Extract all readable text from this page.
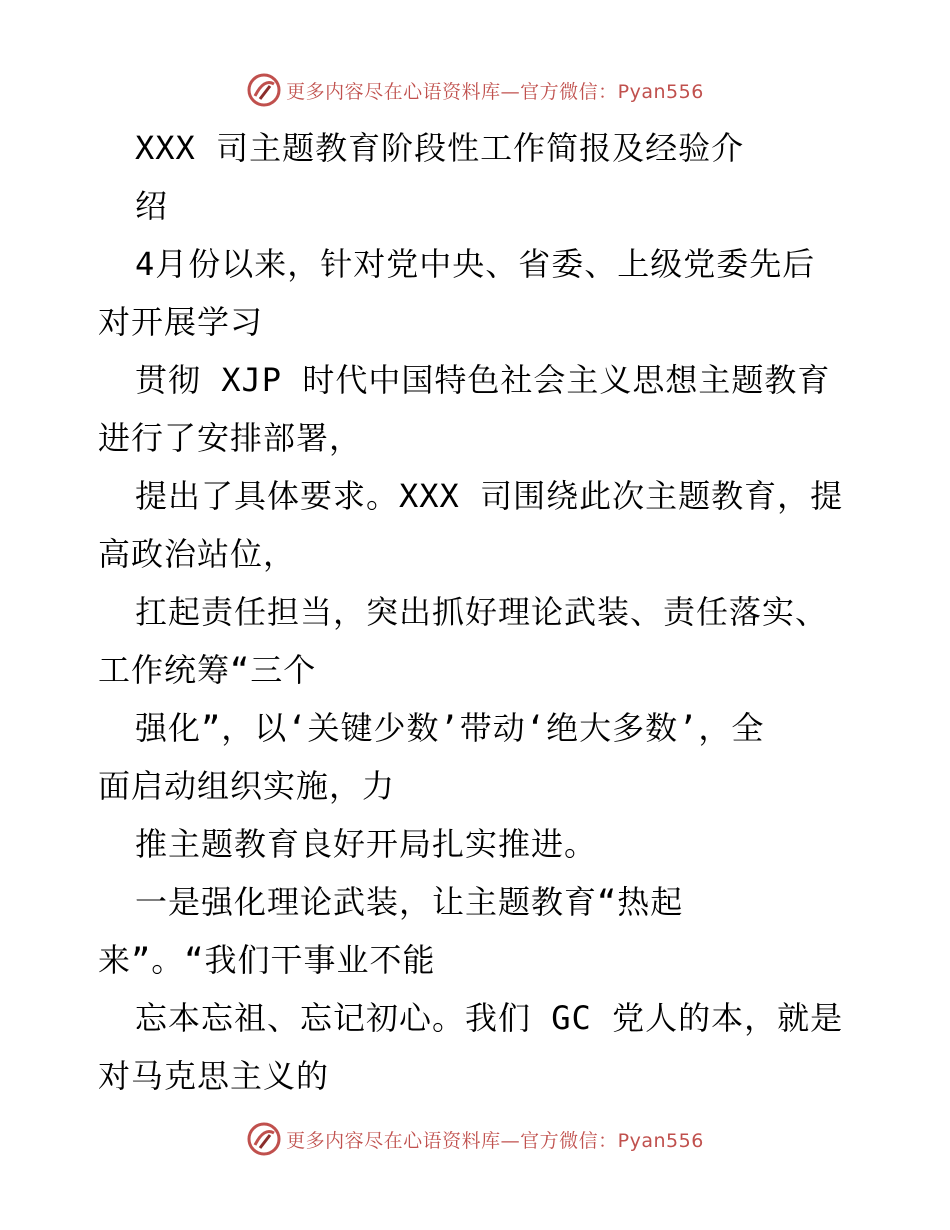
更多内容尽在心语资料库—官方微信：Pyan556
XXX 司主题教育阶段性工作简报及经验介
绍
4月份以来，针对党中央、省委、上级党委先后
对开展学习
贯彻 XJP 时代中国特色社会主义思想主题教育
进行了安排部署，
提出了具体要求。XXX 司围绕此次主题教育，提
高政治站位，
扛起责任担当，突出抓好理论武装、责任落实、
工作统筹“三个
强化”，以‘关键少数’带动‘绝大多数’，全
面启动组织实施，力
推主题教育良好开局扎实推进。
一是强化理论武装，让主题教育“热起
来”。“我们干事业不能
忘本忘祖、忘记初心。我们 GC 党人的本，就是
对马克思主义的
更多内容尽在心语资料库—官方微信：Pyan556
